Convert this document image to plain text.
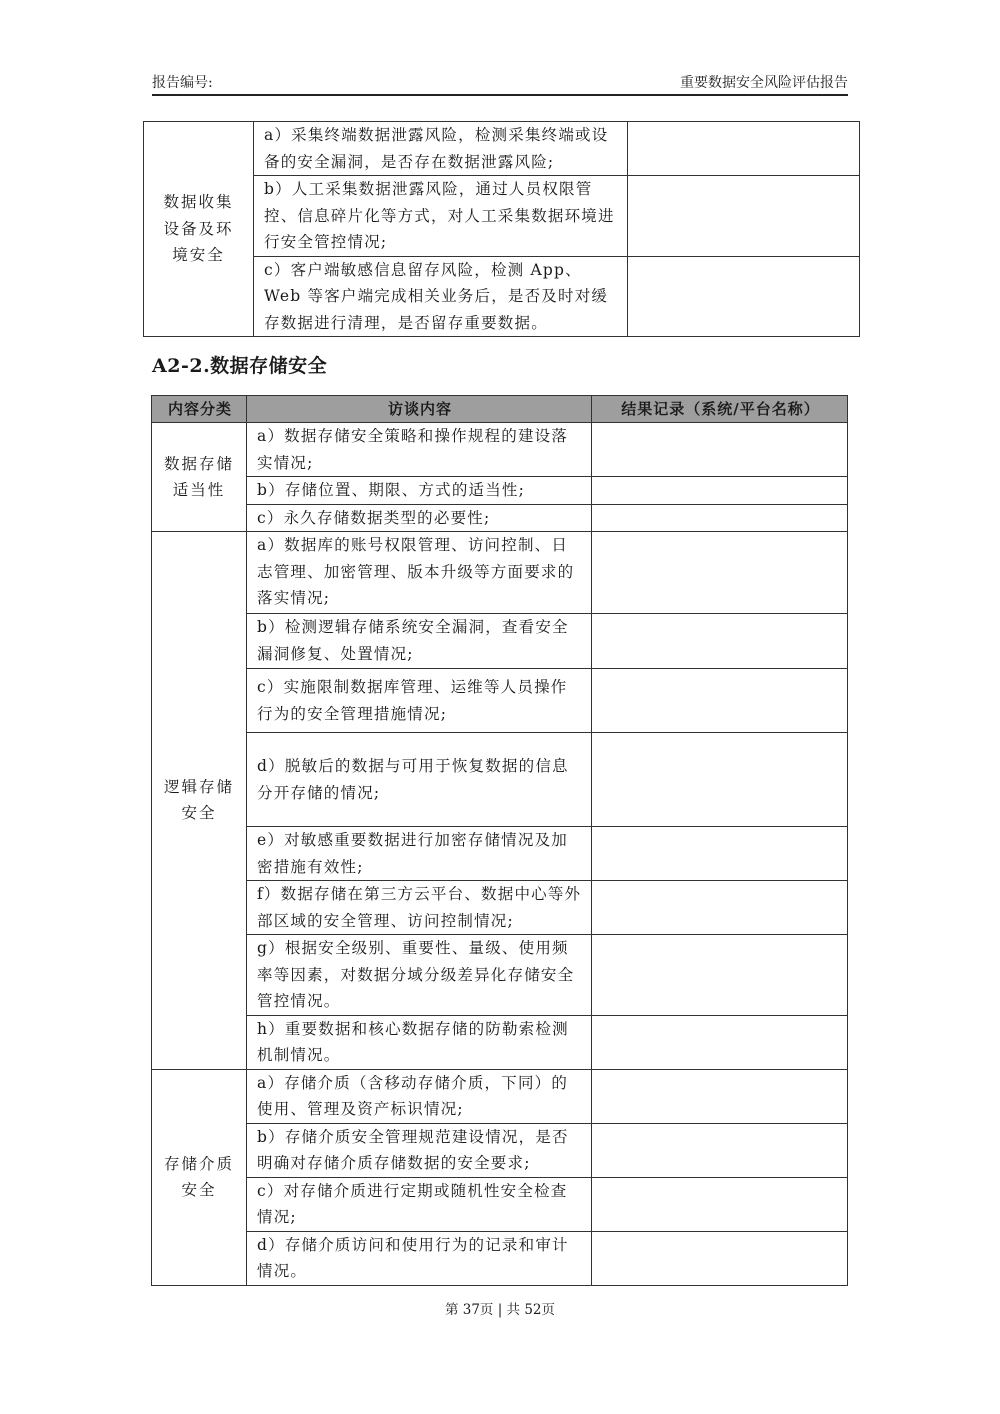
报告编号:	重要数据安全风险评估报告
数据收集设备及环境安全	a）采集终端数据泄露风险，检测采集终端或设备的安全漏洞，是否存在数据泄露风险;	
	b）人工采集数据泄露风险，通过人员权限管控、信息碎片化等方式，对人工采集数据环境进行安全管控情况;	
	c）客户端敏感信息留存风险，检测 App、Web 等客户端完成相关业务后，是否及时对缓存数据进行清理，是否留存重要数据。	
A2-2.数据存储安全
内容分类	访谈内容	结果记录（系统/平台名称）
数据存储适当性	a）数据存储安全策略和操作规程的建设落实情况;	
	b）存储位置、期限、方式的适当性;	
	c）永久存储数据类型的必要性;	
逻辑存储安全	a）数据库的账号权限管理、访问控制、日志管理、加密管理、版本升级等方面要求的落实情况;	
	b）检测逻辑存储系统安全漏洞，查看安全漏洞修复、处置情况;	
	c）实施限制数据库管理、运维等人员操作行为的安全管理措施情况;	
	d）脱敏后的数据与可用于恢复数据的信息分开存储的情况;	
	e）对敏感重要数据进行加密存储情况及加密措施有效性;	
	f）数据存储在第三方云平台、数据中心等外部区域的安全管理、访问控制情况;	
	g）根据安全级别、重要性、量级、使用频率等因素，对数据分域分级差异化存储安全管控情况。	
	h）重要数据和核心数据存储的防勒索检测机制情况。	
存储介质安全	a）存储介质（含移动存储介质，下同）的使用、管理及资产标识情况;	
	b）存储介质安全管理规范建设情况，是否明确对存储介质存储数据的安全要求;	
	c）对存储介质进行定期或随机性安全检查情况;	
	d）存储介质访问和使用行为的记录和审计情况。	
第 37页 | 共 52页
